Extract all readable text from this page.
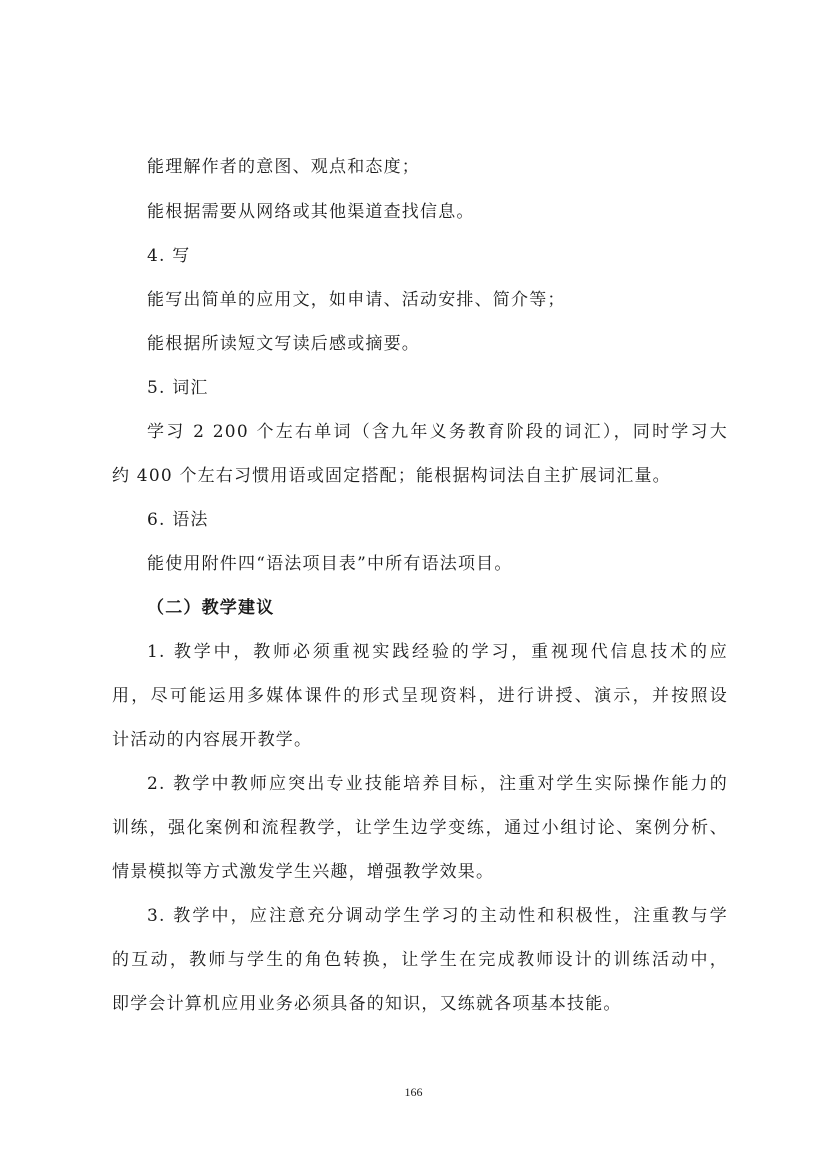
能理解作者的意图、观点和态度；
能根据需要从网络或其他渠道查找信息。
4. 写
能写出简单的应用文，如申请、活动安排、简介等；
能根据所读短文写读后感或摘要。
5. 词汇
学习 2 200 个左右单词（含九年义务教育阶段的词汇），同时学习大
约 400 个左右习惯用语或固定搭配；能根据构词法自主扩展词汇量。
6. 语法
能使用附件四“语法项目表”中所有语法项目。
（二）教学建议
1. 教学中，教师必须重视实践经验的学习，重视现代信息技术的应
用，尽可能运用多媒体课件的形式呈现资料，进行讲授、演示，并按照设
计活动的内容展开教学。
2. 教学中教师应突出专业技能培养目标，注重对学生实际操作能力的
训练，强化案例和流程教学，让学生边学变练，通过小组讨论、案例分析、
情景模拟等方式激发学生兴趣，增强教学效果。
3. 教学中，应注意充分调动学生学习的主动性和积极性，注重教与学
的互动，教师与学生的角色转换，让学生在完成教师设计的训练活动中，
即学会计算机应用业务必须具备的知识，又练就各项基本技能。
166
